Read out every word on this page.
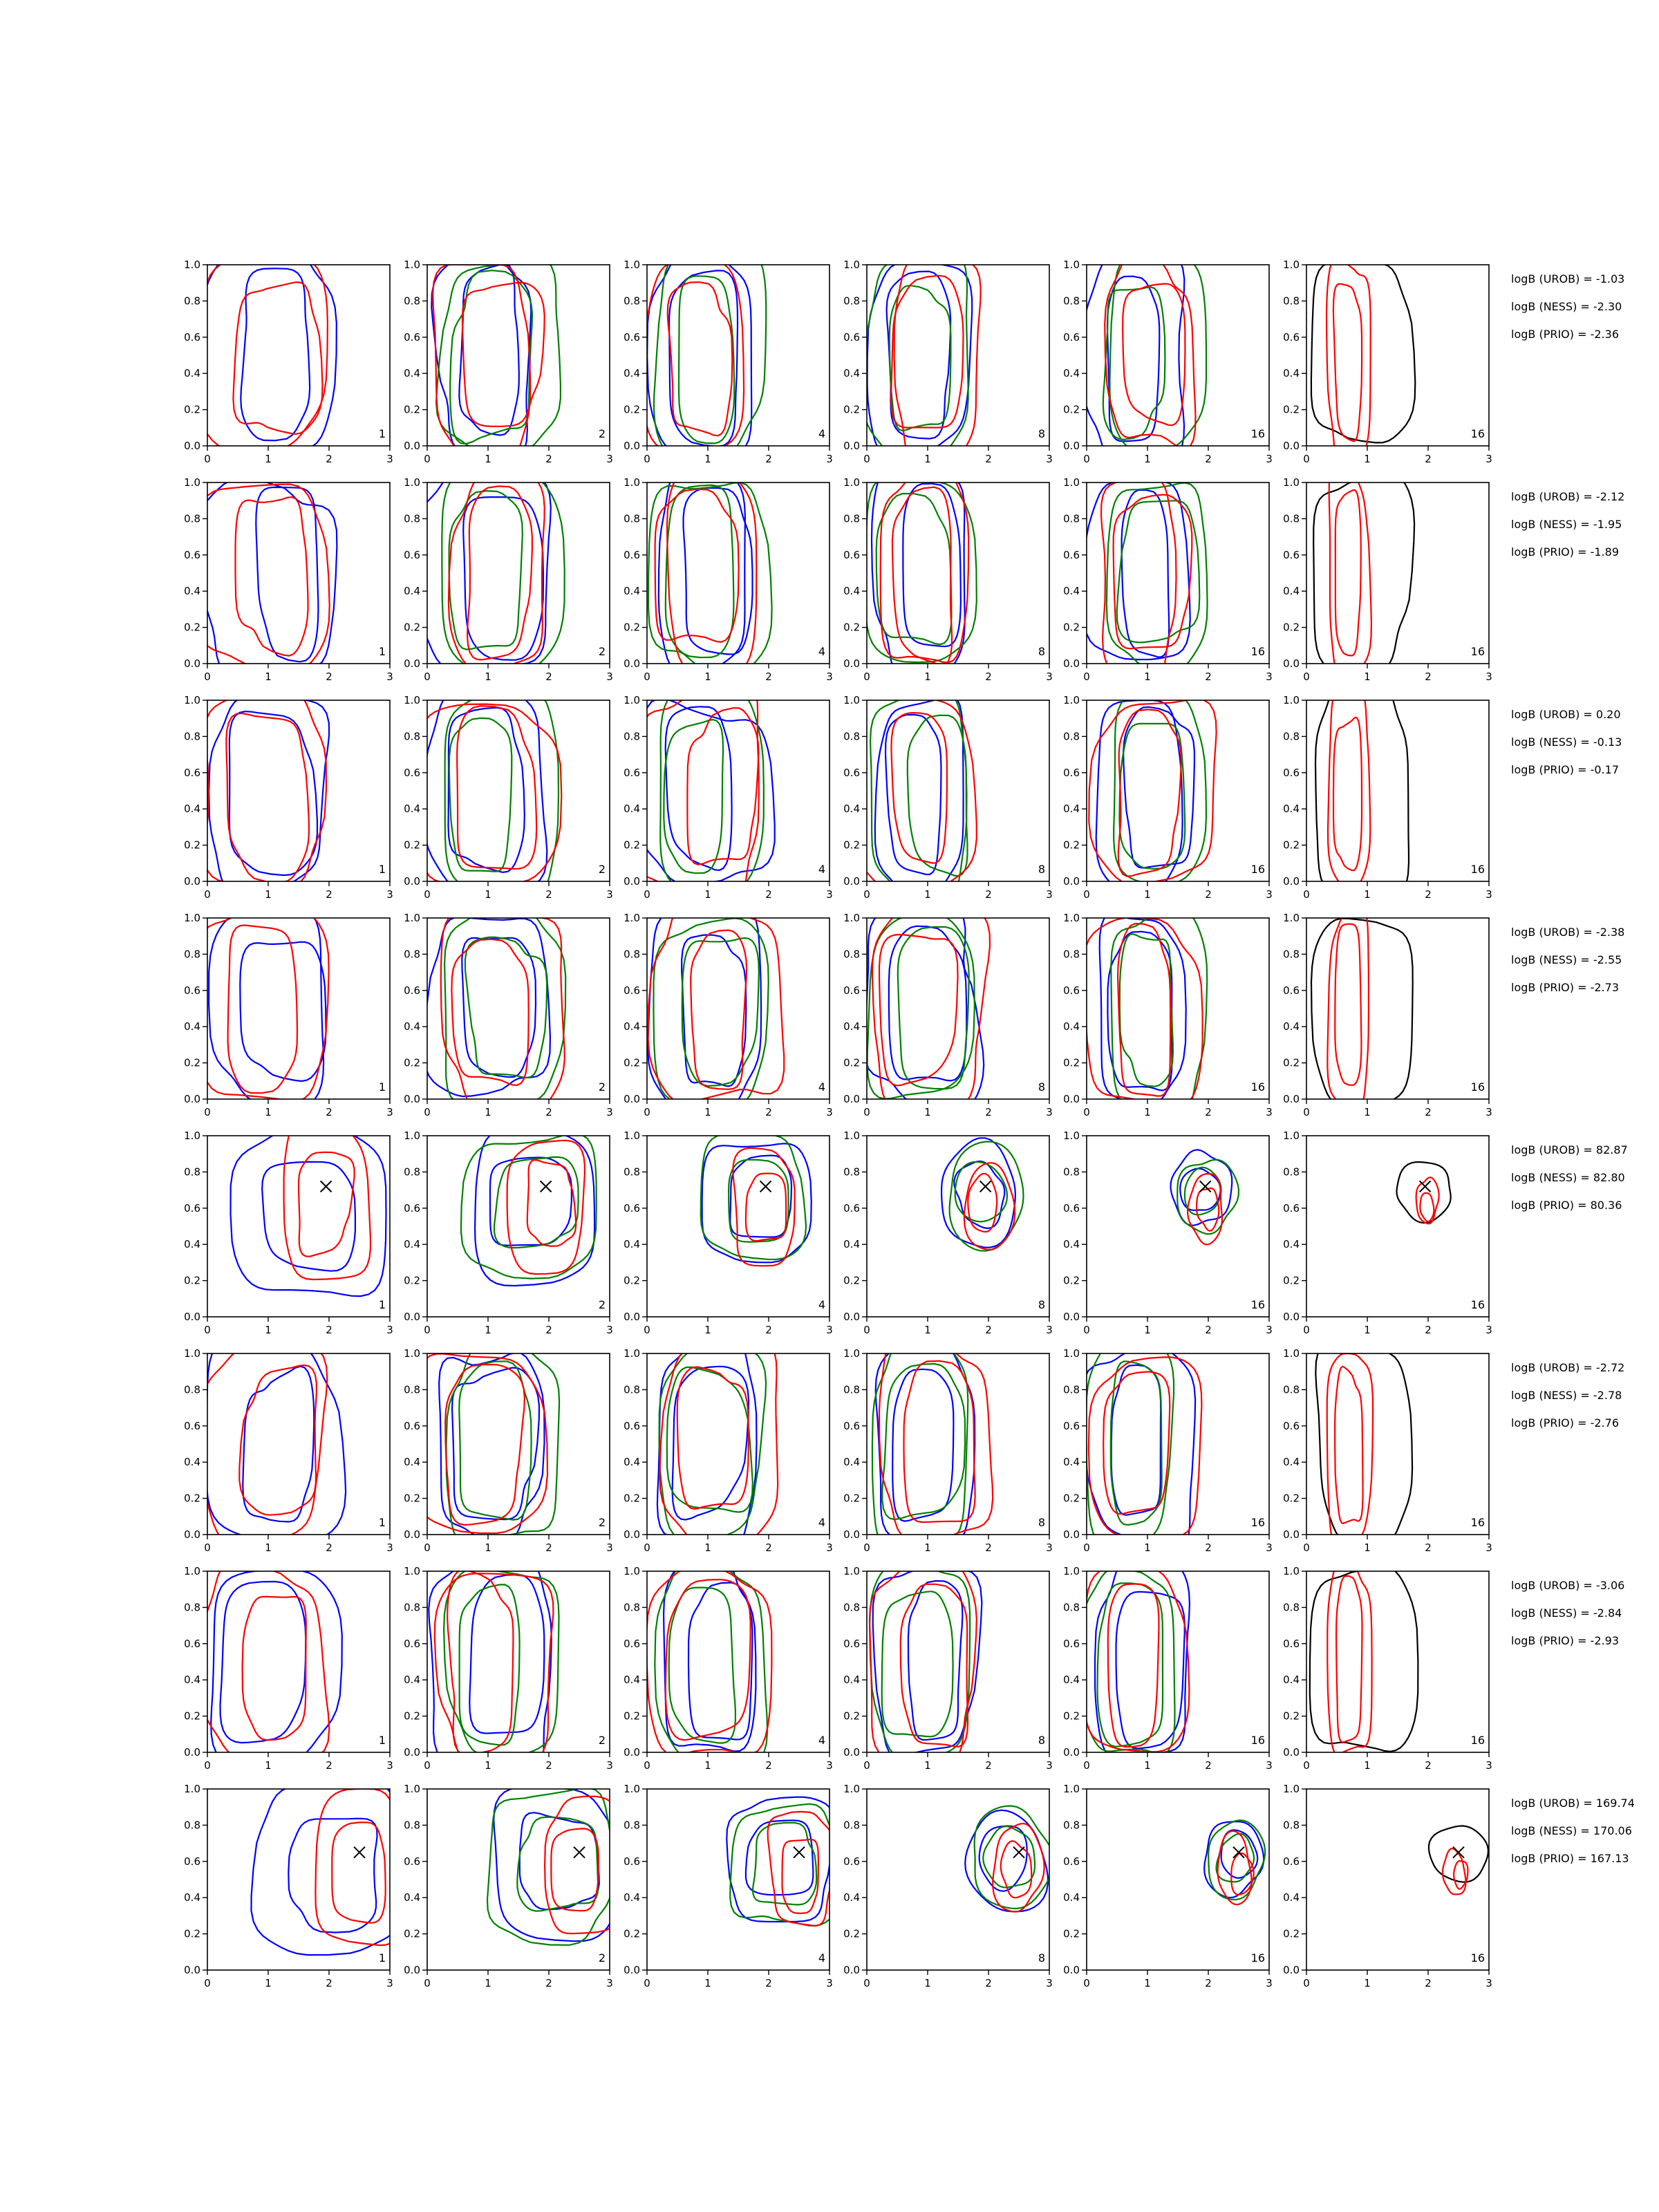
0.0
0.2
0.4
0.6
0.8
1.0
0	1	2	3
1
0.0
0.2
0.4
0.6
0.8
1.0
0	1	2	3
2
0.0
0.2
0.4
0.6
0.8
1.0
0	1	2	3
4
0.0
0.2
0.4
0.6
0.8
1.0
0	1	2	3
8
0.0
0.2
0.4
0.6
0.8
1.0
0	1	2	3
16
0.0
0.2
0.4
0.6
0.8
1.0
0	1	2	3
16
logB (UROB) = -1.03
logB (NESS) = -2.30
logB (PRIO) = -2.36
0.0
0.2
0.4
0.6
0.8
1.0
0	1	2	3
1
0.0
0.2
0.4
0.6
0.8
1.0
0	1	2	3
2
0.0
0.2
0.4
0.6
0.8
1.0
0	1	2	3
4
0.0
0.2
0.4
0.6
0.8
1.0
0	1	2	3
8
0.0
0.2
0.4
0.6
0.8
1.0
0	1	2	3
16
0.0
0.2
0.4
0.6
0.8
1.0
0	1	2	3
16
logB (UROB) = -2.12
logB (NESS) = -1.95
logB (PRIO) = -1.89
0.0
0.2
0.4
0.6
0.8
1.0
0	1	2	3
1
0.0
0.2
0.4
0.6
0.8
1.0
0	1	2	3
2
0.0
0.2
0.4
0.6
0.8
1.0
0	1	2	3
4
0.0
0.2
0.4
0.6
0.8
1.0
0	1	2	3
8
0.0
0.2
0.4
0.6
0.8
1.0
0	1	2	3
16
0.0
0.2
0.4
0.6
0.8
1.0
0	1	2	3
16
logB (UROB) = 0.20
logB (NESS) = -0.13
logB (PRIO) = -0.17
0.0
0.2
0.4
0.6
0.8
1.0
0	1	2	3
1
0.0
0.2
0.4
0.6
0.8
1.0
0	1	2	3
2
0.0
0.2
0.4
0.6
0.8
1.0
0	1	2	3
4
0.0
0.2
0.4
0.6
0.8
1.0
0	1	2	3
8
0.0
0.2
0.4
0.6
0.8
1.0
0	1	2	3
16
0.0
0.2
0.4
0.6
0.8
1.0
0	1	2	3
16
logB (UROB) = -2.38
logB (NESS) = -2.55
logB (PRIO) = -2.73
0.0
0.2
0.4
0.6
0.8
1.0
0	1	2	3
1
0.0
0.2
0.4
0.6
0.8
1.0
0	1	2	3
2
0.0
0.2
0.4
0.6
0.8
1.0
0	1	2	3
4
0.0
0.2
0.4
0.6
0.8
1.0
0	1	2	3
8
0.0
0.2
0.4
0.6
0.8
1.0
0	1	2	3
16
0.0
0.2
0.4
0.6
0.8
1.0
0	1	2	3
16
logB (UROB) = 82.87
logB (NESS) = 82.80
logB (PRIO) = 80.36
0.0
0.2
0.4
0.6
0.8
1.0
0	1	2	3
1
0.0
0.2
0.4
0.6
0.8
1.0
0	1	2	3
2
0.0
0.2
0.4
0.6
0.8
1.0
0	1	2	3
4
0.0
0.2
0.4
0.6
0.8
1.0
0	1	2	3
8
0.0
0.2
0.4
0.6
0.8
1.0
0	1	2	3
16
0.0
0.2
0.4
0.6
0.8
1.0
0	1	2	3
16
logB (UROB) = -2.72
logB (NESS) = -2.78
logB (PRIO) = -2.76
0.0
0.2
0.4
0.6
0.8
1.0
0	1	2	3
1
0.0
0.2
0.4
0.6
0.8
1.0
0	1	2	3
2
0.0
0.2
0.4
0.6
0.8
1.0
0	1	2	3
4
0.0
0.2
0.4
0.6
0.8
1.0
0	1	2	3
8
0.0
0.2
0.4
0.6
0.8
1.0
0	1	2	3
16
0.0
0.2
0.4
0.6
0.8
1.0
0	1	2	3
16
logB (UROB) = -3.06
logB (NESS) = -2.84
logB (PRIO) = -2.93
0.0
0.2
0.4
0.6
0.8
1.0
0	1	2	3
1
0.0
0.2
0.4
0.6
0.8
1.0
0	1	2	3
2
0.0
0.2
0.4
0.6
0.8
1.0
0	1	2	3
4
0.0
0.2
0.4
0.6
0.8
1.0
0	1	2	3
8
0.0
0.2
0.4
0.6
0.8
1.0
0	1	2	3
16
0.0
0.2
0.4
0.6
0.8
1.0
0	1	2	3
16
logB (UROB) = 169.74
logB (NESS) = 170.06
logB (PRIO) = 167.13
